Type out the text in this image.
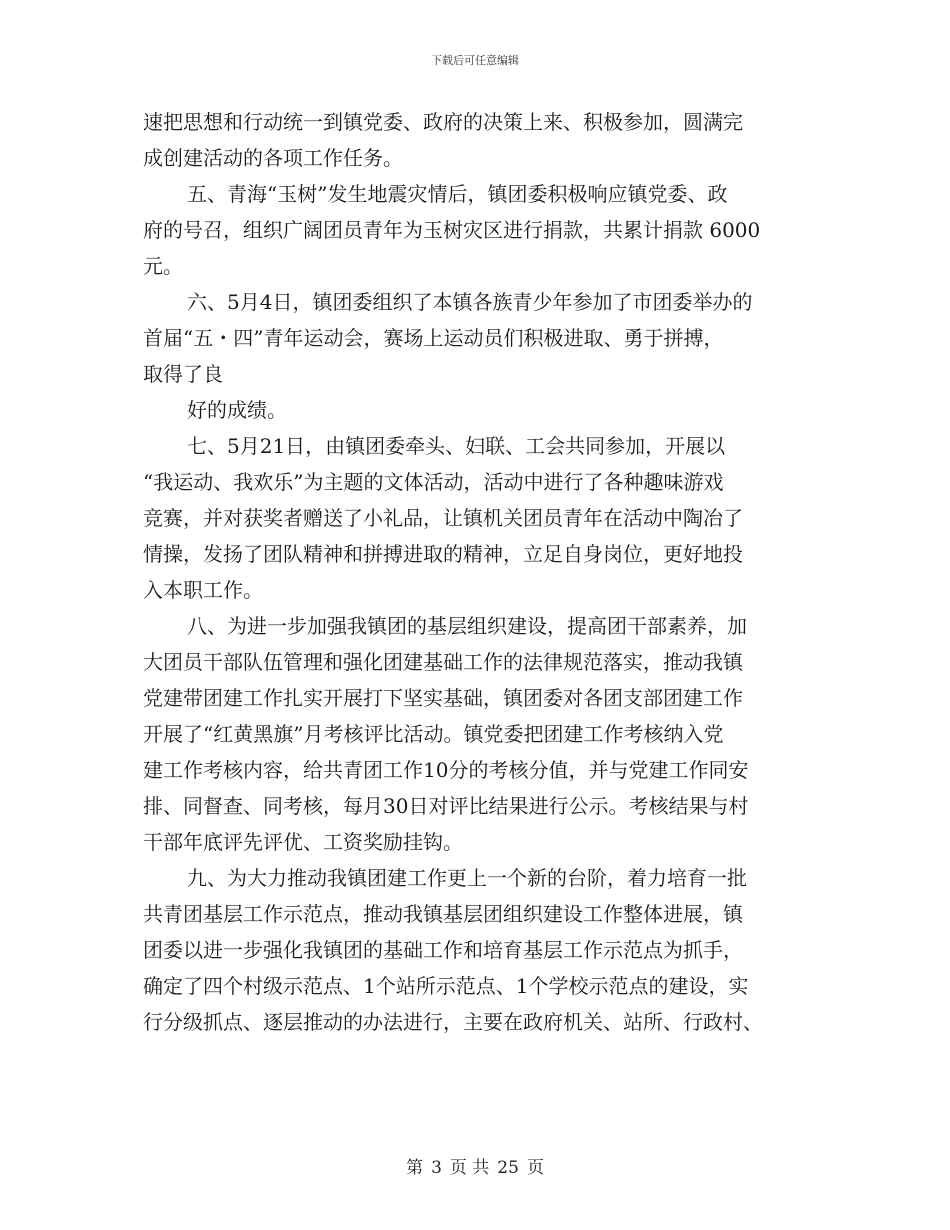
下载后可任意编辑
速把思想和行动统一到镇党委、政府的决策上来、积极参加，圆满完
成创建活动的各项工作任务。
五、青海“玉树”发生地震灾情后，镇团委积极响应镇党委、政
府的号召，组织广阔团员青年为玉树灾区进行捐款，共累计捐款 6000
元。
六、5月4日，镇团委组织了本镇各族青少年参加了市团委举办的
首届“五・四”青年运动会，赛场上运动员们积极进取、勇于拼搏，
取得了良
好的成绩。
七、5月21日，由镇团委牵头、妇联、工会共同参加，开展以
“我运动、我欢乐”为主题的文体活动，活动中进行了各种趣味游戏
竞赛，并对获奖者赠送了小礼品，让镇机关团员青年在活动中陶冶了
情操，发扬了团队精神和拼搏进取的精神，立足自身岗位，更好地投
入本职工作。
八、为进一步加强我镇团的基层组织建设，提高团干部素养，加
大团员干部队伍管理和强化团建基础工作的法律规范落实，推动我镇
党建带团建工作扎实开展打下坚实基础，镇团委对各团支部团建工作
开展了“红黄黑旗”月考核评比活动。镇党委把团建工作考核纳入党
建工作考核内容，给共青团工作10分的考核分值，并与党建工作同安
排、同督查、同考核，每月30日对评比结果进行公示。考核结果与村
干部年底评先评优、工资奖励挂钩。
九、为大力推动我镇团建工作更上一个新的台阶，着力培育一批
共青团基层工作示范点，推动我镇基层团组织建设工作整体进展，镇
团委以进一步强化我镇团的基础工作和培育基层工作示范点为抓手，
确定了四个村级示范点、1个站所示范点、1个学校示范点的建设，实
行分级抓点、逐层推动的办法进行，主要在政府机关、站所、行政村、
第 3 页 共 25 页
